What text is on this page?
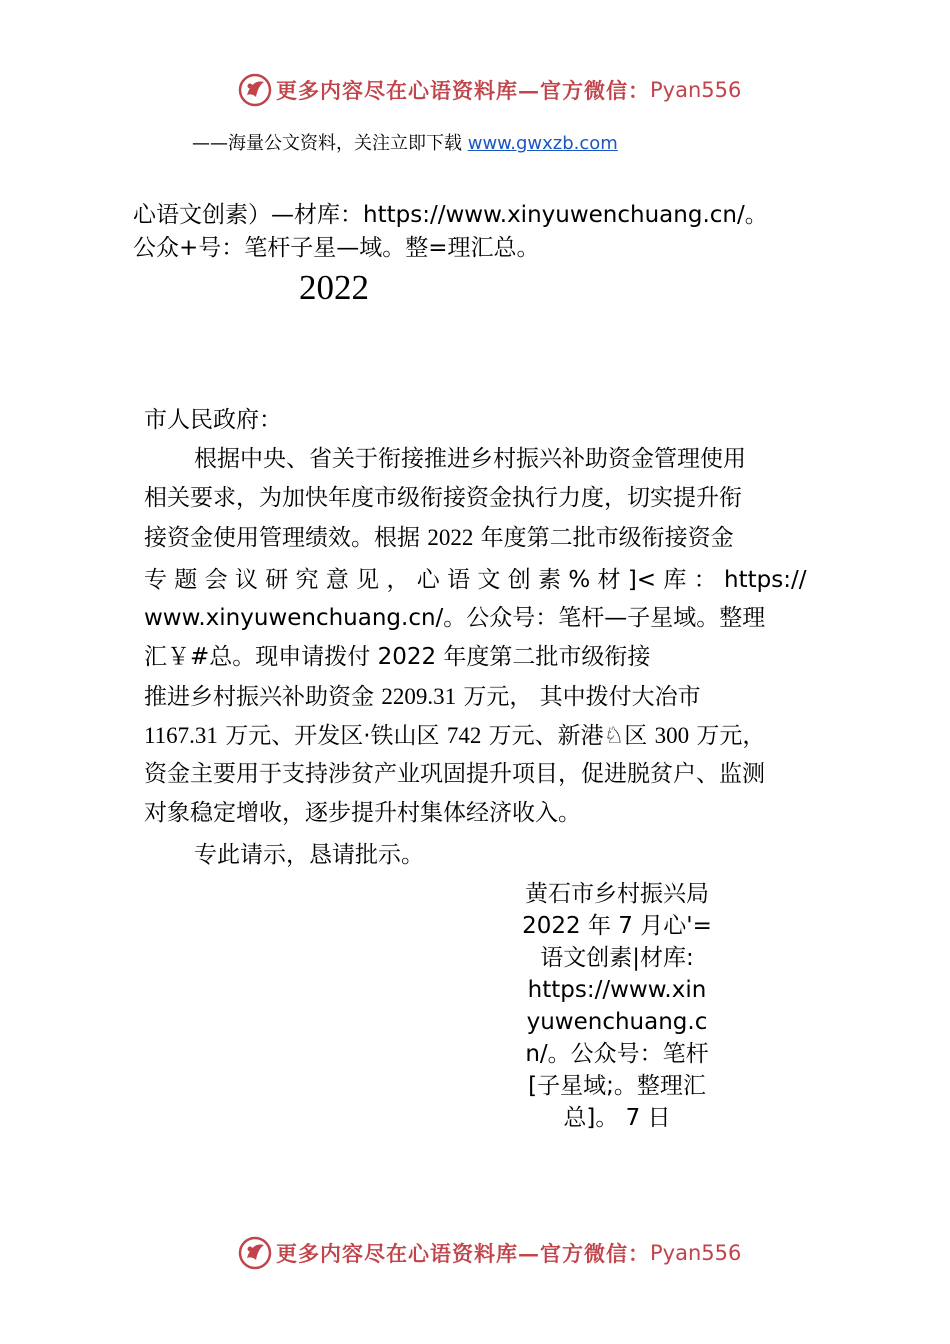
更多内容尽在心语资料库—官方微信： Pyan556
——海量公文资料，关注立即下载 www.gwxzb.com
心语文创素）—材库：https://www.xinyuwenchuang.cn/。
公众+号：笔杆子星—域。整=理汇总。
2022
市人民政府：
根据中央、省关于衔接推进乡村振兴补助资金管理使用
相关要求，为加快年度市级衔接资金执行力度，切实提升衔
接资金使用管理绩效。根据 2022 年度第二批市级衔接资金
专 题 会 议 研 究 意 见 ， 心 语 文 创 素 % 材 ]< 库 ： https://
www.xinyuwenchuang.cn/。公众号：笔杆—子星域。整理
汇￥#总。现申请拨付 2022 年度第二批市级衔接
推进乡村振兴补助资金 2209.31 万元， 其中拨付大冶市
1167.31 万元、开发区·铁山区 742 万元、新港♘区 300 万元，
资金主要用于支持涉贫产业巩固提升项目，促进脱贫户、监测
对象稳定增收，逐步提升村集体经济收入。
专此请示，恳请批示。
黄石市乡村振兴局
2022 年 7 月心'=
语文创素|材库:
https://www.xin
yuwenchuang.c
n/。公众号：笔杆
[子星域;。整理汇
总]。 7 日
更多内容尽在心语资料库—官方微信： Pyan556
